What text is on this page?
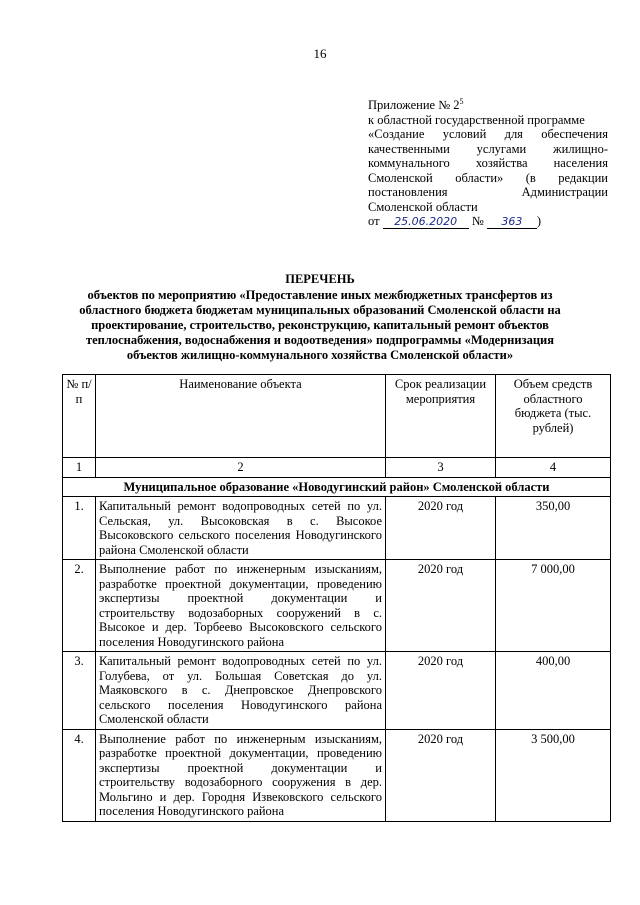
16
Приложение № $2^5$
к областной государственной программе
«Создание условий для обеспечения
качественными услугами жилищно-
коммунального хозяйства населения
Смоленской области» (в редакции
постановления Администрации
Смоленской области
от 25.06.2020 № 363 )
ПЕРЕЧЕНЬ
объектов по мероприятию «Предоставление иных межбюджетных трансфертов из областного бюджета бюджетам муниципальных образований Смоленской области на проектирование, строительство, реконструкцию, капитальный ремонт объектов теплоснабжения, водоснабжения и водоотведения» подпрограммы «Модернизация объектов жилищно-коммунального хозяйства Смоленской области»
№ п/п	Наименование объекта	Срок реализации мероприятия	Объем средств областного бюджета (тыс. рублей)
1	2	3	4
Муниципальное образование «Новодугинский район» Смоленской области			
1.	Капитальный ремонт водопроводных сетей по ул. Сельская, ул. Высоковская в с. Высокое Высоковского сельского поселения Новодугинского района Смоленской области	2020 год	350,00
2.	Выполнение работ по инженерным изысканиям, разработке проектной документации, проведению экспертизы проектной документации и строительству водозаборных сооружений в с. Высокое и дер. Торбеево Высоковского сельского поселения Новодугинского района	2020 год	7 000,00
3.	Капитальный ремонт водопроводных сетей по ул. Голубева, от ул. Большая Советская до ул. Маяковского в с. Днепровское Днепровского сельского поселения Новодугинского района Смоленской области	2020 год	400,00
4.	Выполнение работ по инженерным изысканиям, разработке проектной документации, проведению экспертизы проектной документации и строительству водозаборного сооружения в дер. Мольгино и дер. Городня Извековского сельского поселения Новодугинского района	2020 год	3 500,00
